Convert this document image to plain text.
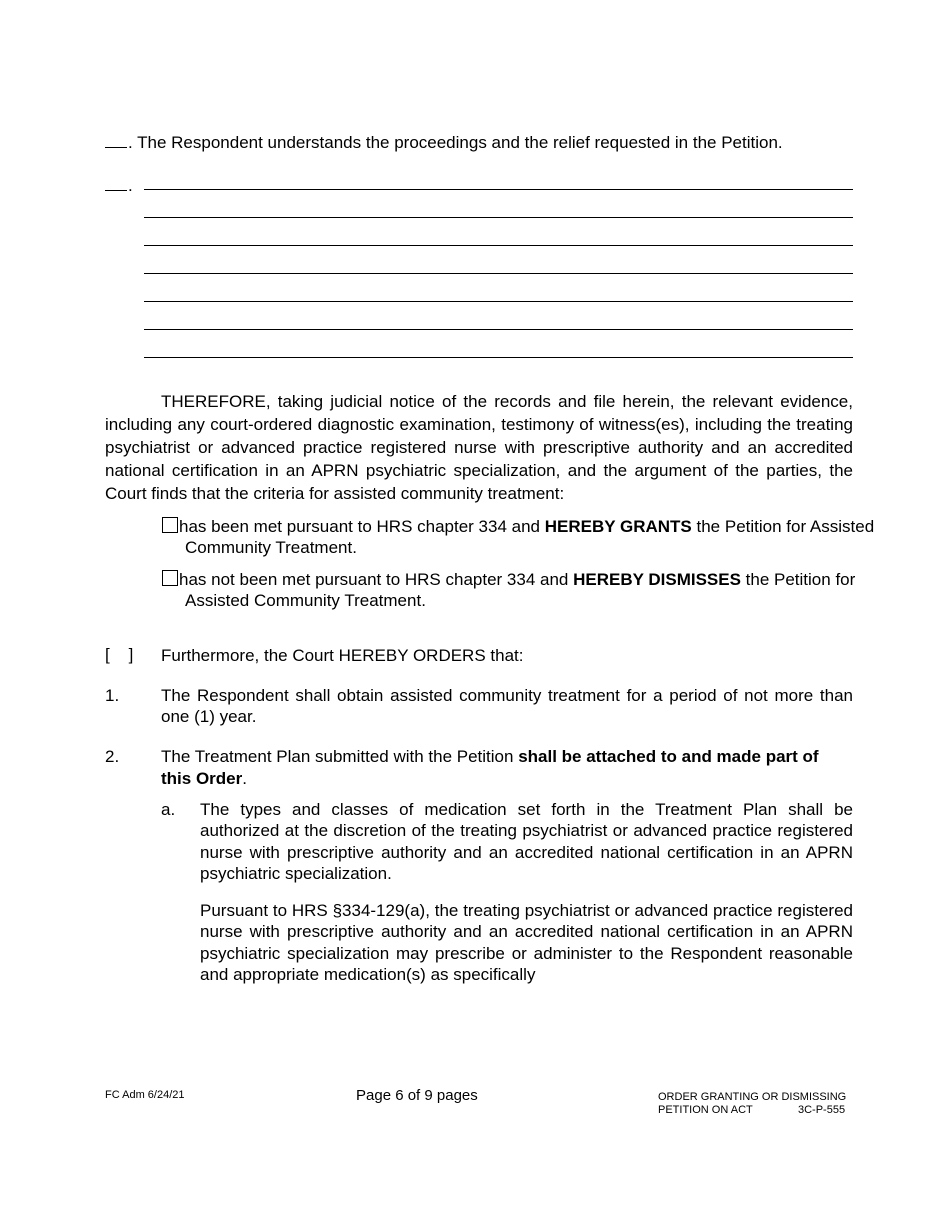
. The Respondent understands the proceedings and the relief requested in the Petition.
.
THEREFORE, taking judicial notice of the records and file herein, the relevant evidence, including any court-ordered diagnostic examination, testimony of witness(es), including the treating psychiatrist or advanced practice registered nurse with prescriptive authority and an accredited national certification in an APRN psychiatric specialization, and the argument of the parties, the Court finds that the criteria for assisted community treatment:
has been met pursuant to HRS chapter 334 and HEREBY GRANTS the Petition for Assisted Community Treatment.
has not been met pursuant to HRS chapter 334 and HEREBY DISMISSES the Petition for Assisted Community Treatment.
[    ] Furthermore, the Court HEREBY ORDERS that:
1. The Respondent shall obtain assisted community treatment for a period of not more than one (1) year.
2. The Treatment Plan submitted with the Petition shall be attached to and made part of this Order.
a. The types and classes of medication set forth in the Treatment Plan shall be authorized at the discretion of the treating psychiatrist or advanced practice registered nurse with prescriptive authority and an accredited national certification in an APRN psychiatric specialization.
Pursuant to HRS §334-129(a), the treating psychiatrist or advanced practice registered nurse with prescriptive authority and an accredited national certification in an APRN psychiatric specialization may prescribe or administer to the Respondent reasonable and appropriate medication(s) as specifically
FC Adm 6/24/21	Page 6 of 9 pages	ORDER GRANTING OR DISMISSING
PETITION ON ACT	3C-P-555
